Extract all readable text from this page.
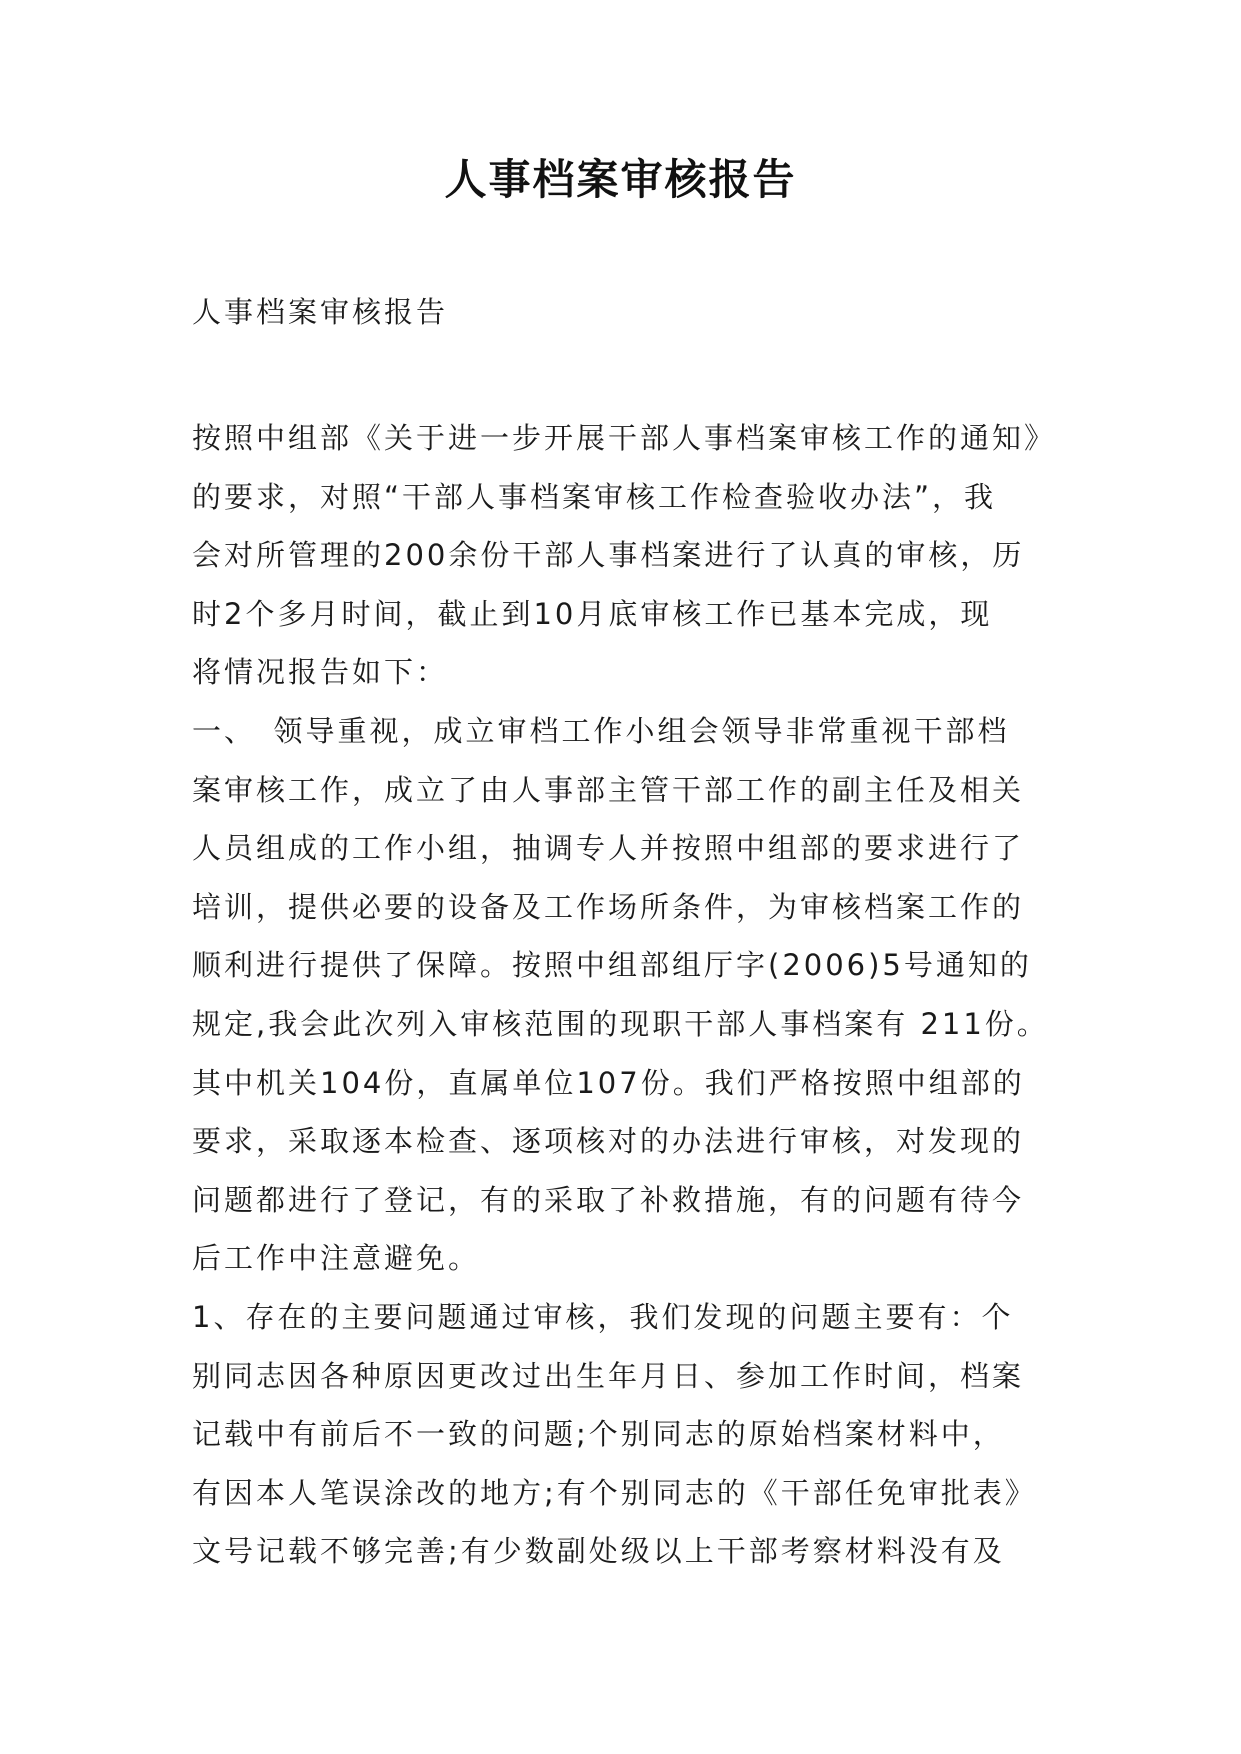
人事档案审核报告

人事档案审核报告

按照中组部《关于进一步开展干部人事档案审核工作的通知》
的要求，对照“干部人事档案审核工作检查验收办法”，我
会对所管理的200余份干部人事档案进行了认真的审核，历
时2个多月时间，截止到10月底审核工作已基本完成，现
将情况报告如下：
一、　领导重视，成立审档工作小组会领导非常重视干部档
案审核工作，成立了由人事部主管干部工作的副主任及相关
人员组成的工作小组，抽调专人并按照中组部的要求进行了
培训，提供必要的设备及工作场所条件，为审核档案工作的
顺利进行提供了保障。按照中组部组厅字(2006)5号通知的
规定,我会此次列入审核范围的现职干部人事档案有 211份。
其中机关104份，直属单位107份。我们严格按照中组部的
要求，采取逐本检查、逐项核对的办法进行审核，对发现的
问题都进行了登记，有的采取了补救措施，有的问题有待今
后工作中注意避免。
1、存在的主要问题通过审核，我们发现的问题主要有：个
别同志因各种原因更改过出生年月日、参加工作时间，档案
记载中有前后不一致的问题;个别同志的原始档案材料中，
有因本人笔误涂改的地方;有个别同志的《干部任免审批表》
文号记载不够完善;有少数副处级以上干部考察材料没有及
